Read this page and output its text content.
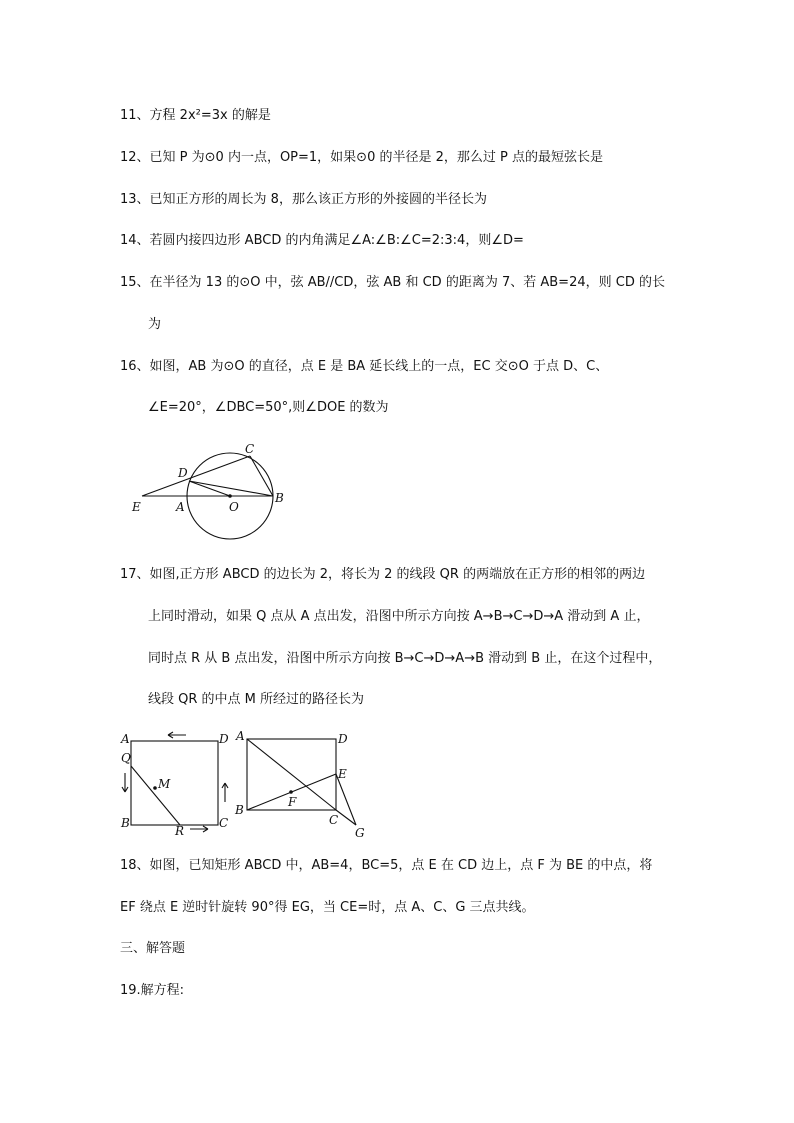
11、方程 2x²=3x 的解是
12、已知 P 为⊙0 内一点，OP=1，如果⊙0 的半径是 2，那么过 P 点的最短弦长是
13、已知正方形的周长为 8，那么该正方形的外接圆的半径长为
14、若圆内接四边形 ABCD 的内角满足∠A:∠B:∠C=2:3:4，则∠D=
15、在半径为 13 的⊙O 中，弦 AB//CD，弦 AB 和 CD 的距离为 7、若 AB=24，则 CD 的长
为
16、如图，AB 为⊙O 的直径，点 E 是 BA 延长线上的一点，EC 交⊙O 于点 D、C、
∠E=20°，∠DBC=50°,则∠DOE 的数为
E	A	O
B
C
D
17、如图,正方形 ABCD 的边长为 2，将长为 2 的线段 QR 的两端放在正方形的相邻的两边
上同时滑动，如果 Q 点从 A 点出发，沿图中所示方向按 A→B→C→D→A 滑动到 A 止，
同时点 R 从 B 点出发，沿图中所示方向按 B→C→D→A→B 滑动到 B 止，在这个过程中，
线段 QR 的中点 M 所经过的路径长为
A	D
Q
M
B
R
C
A	D
E
F
B
C
G
18、如图，已知矩形 ABCD 中，AB=4，BC=5，点 E 在 CD 边上，点 F 为 BE 的中点，将
EF 绕点 E 逆时针旋转 90°得 EG，当 CE=时，点 A、C、G 三点共线。
三、解答题
19.解方程:
